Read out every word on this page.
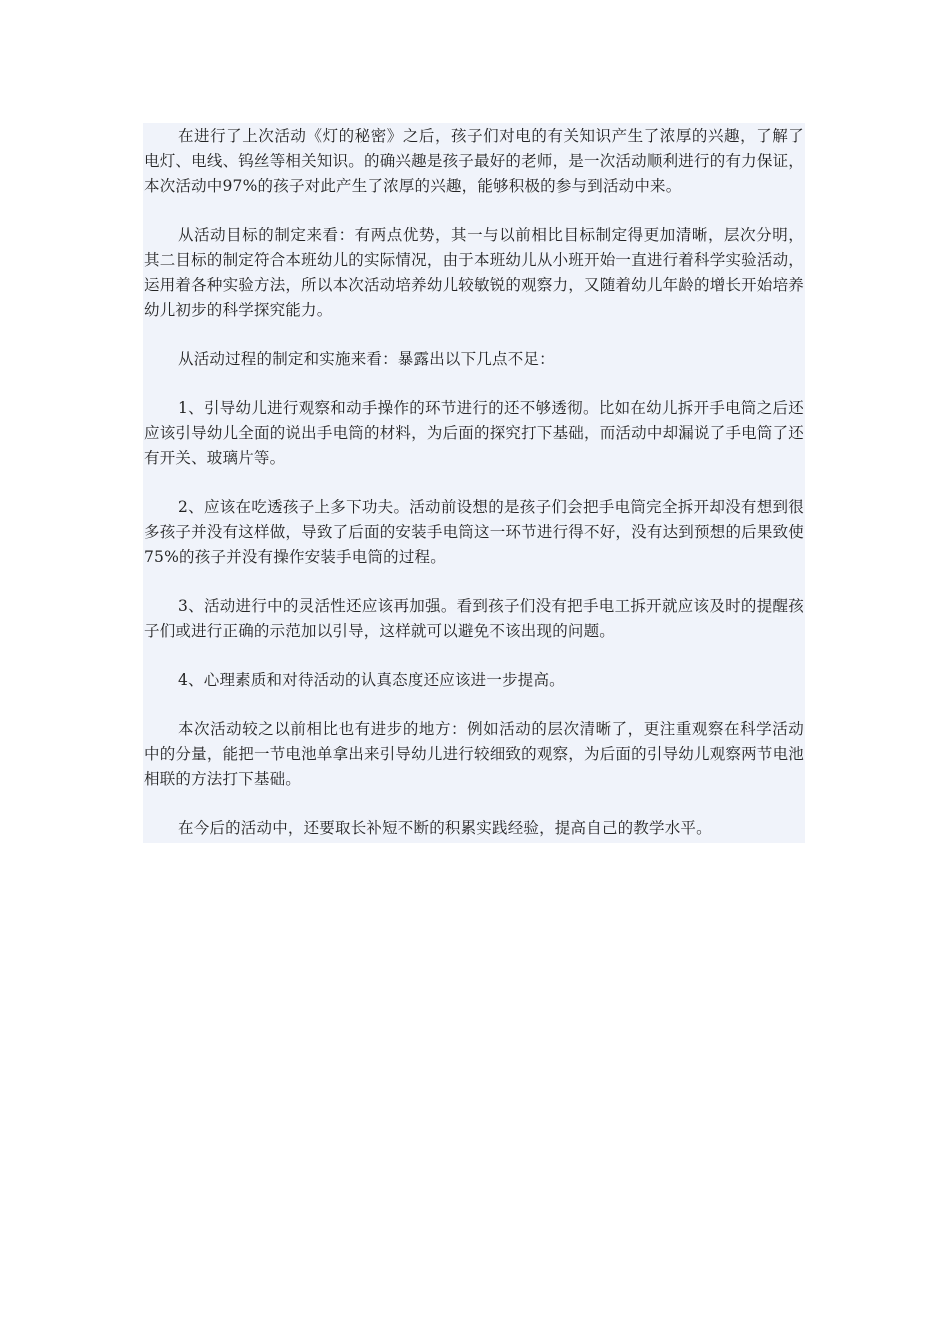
在进行了上次活动《灯的秘密》之后，孩子们对电的有关知识产生了浓厚的兴趣，了解了电灯、电线、钨丝等相关知识。的确兴趣是孩子最好的老师，是一次活动顺利进行的有力保证，本次活动中97%的孩子对此产生了浓厚的兴趣，能够积极的参与到活动中来。

从活动目标的制定来看：有两点优势，其一与以前相比目标制定得更加清晰，层次分明，其二目标的制定符合本班幼儿的实际情况，由于本班幼儿从小班开始一直进行着科学实验活动，运用着各种实验方法，所以本次活动培养幼儿较敏锐的观察力，又随着幼儿年龄的增长开始培养幼儿初步的科学探究能力。

从活动过程的制定和实施来看：暴露出以下几点不足：

1、引导幼儿进行观察和动手操作的环节进行的还不够透彻。比如在幼儿拆开手电筒之后还应该引导幼儿全面的说出手电筒的材料，为后面的探究打下基础，而活动中却漏说了手电筒了还有开关、玻璃片等。

2、应该在吃透孩子上多下功夫。活动前设想的是孩子们会把手电筒完全拆开却没有想到很多孩子并没有这样做，导致了后面的安装手电筒这一环节进行得不好，没有达到预想的后果致使75%的孩子并没有操作安装手电筒的过程。

3、活动进行中的灵活性还应该再加强。看到孩子们没有把手电工拆开就应该及时的提醒孩子们或进行正确的示范加以引导，这样就可以避免不该出现的问题。

4、心理素质和对待活动的认真态度还应该进一步提高。

本次活动较之以前相比也有进步的地方：例如活动的层次清晰了，更注重观察在科学活动中的分量，能把一节电池单拿出来引导幼儿进行较细致的观察，为后面的引导幼儿观察两节电池相联的方法打下基础。

在今后的活动中，还要取长补短不断的积累实践经验，提高自己的教学水平。
